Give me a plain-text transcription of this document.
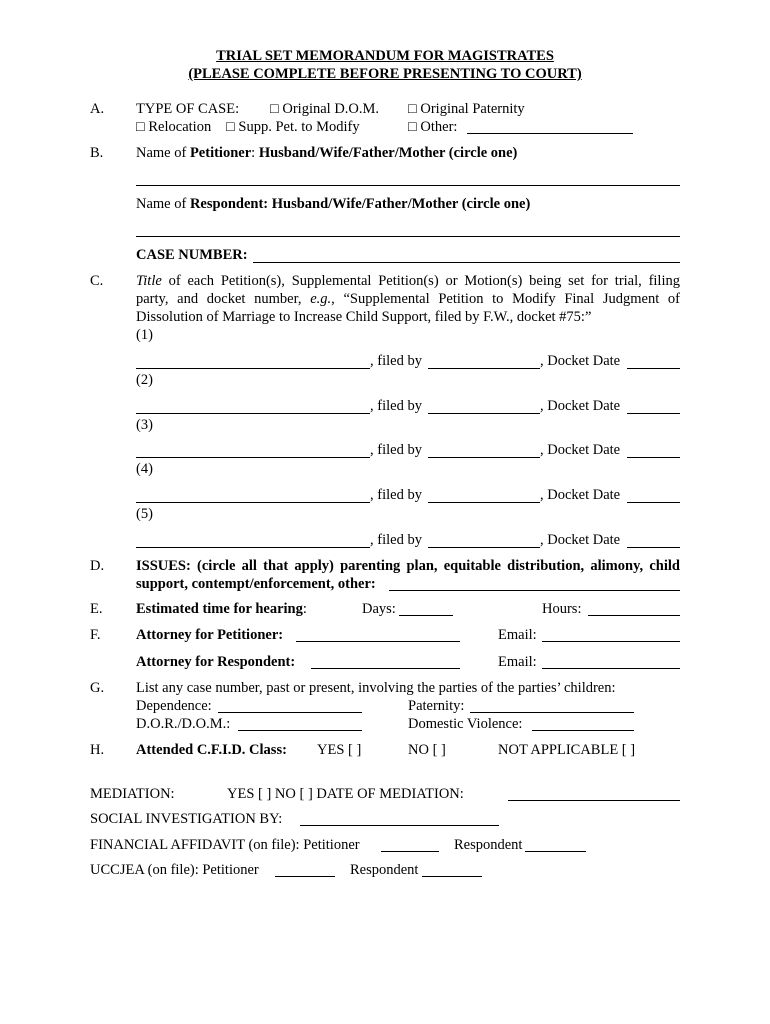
TRIAL SET MEMORANDUM FOR MAGISTRATES
(PLEASE COMPLETE BEFORE PRESENTING TO COURT)
A. TYPE OF CASE: □ Original D.O.M. □ Original Paternity
□ Relocation □ Supp. Pet. to Modify	□ Other:
B. Name of Petitioner: Husband/Wife/Father/Mother (circle one)
Name of Respondent: Husband/Wife/Father/Mother (circle one)
CASE NUMBER:
C. Title of each Petition(s), Supplemental Petition(s) or Motion(s) being set for trial, filing
party, and docket number, e.g., “Supplemental Petition to Modify Final Judgment of
Dissolution of Marriage to Increase Child Support, filed by F.W., docket #75:”
(1)
, filed by	, Docket Date
(2)
, filed by	, Docket Date
(3)
, filed by	, Docket Date
(4)
, filed by	, Docket Date
(5)
, filed by	, Docket Date
D. ISSUES: (circle all that apply) parenting plan, equitable distribution, alimony, child
support, contempt/enforcement, other:
E. Estimated time for hearing:	Days:	Hours:
F. Attorney for Petitioner:	Email:
Attorney for Respondent:	Email:
G. List any case number, past or present, involving the parties of the parties’ children:
Dependence:	Paternity:
D.O.R./D.O.M.:	Domestic Violence:
H. Attended C.F.I.D. Class: YES [ ]	NO [ ]	NOT APPLICABLE [ ]
MEDIATION:	YES [ ] NO [ ] DATE OF MEDIATION:
SOCIAL INVESTIGATION BY:
FINANCIAL AFFIDAVIT (on file): Petitioner	Respondent
UCCJEA (on file): Petitioner	Respondent
